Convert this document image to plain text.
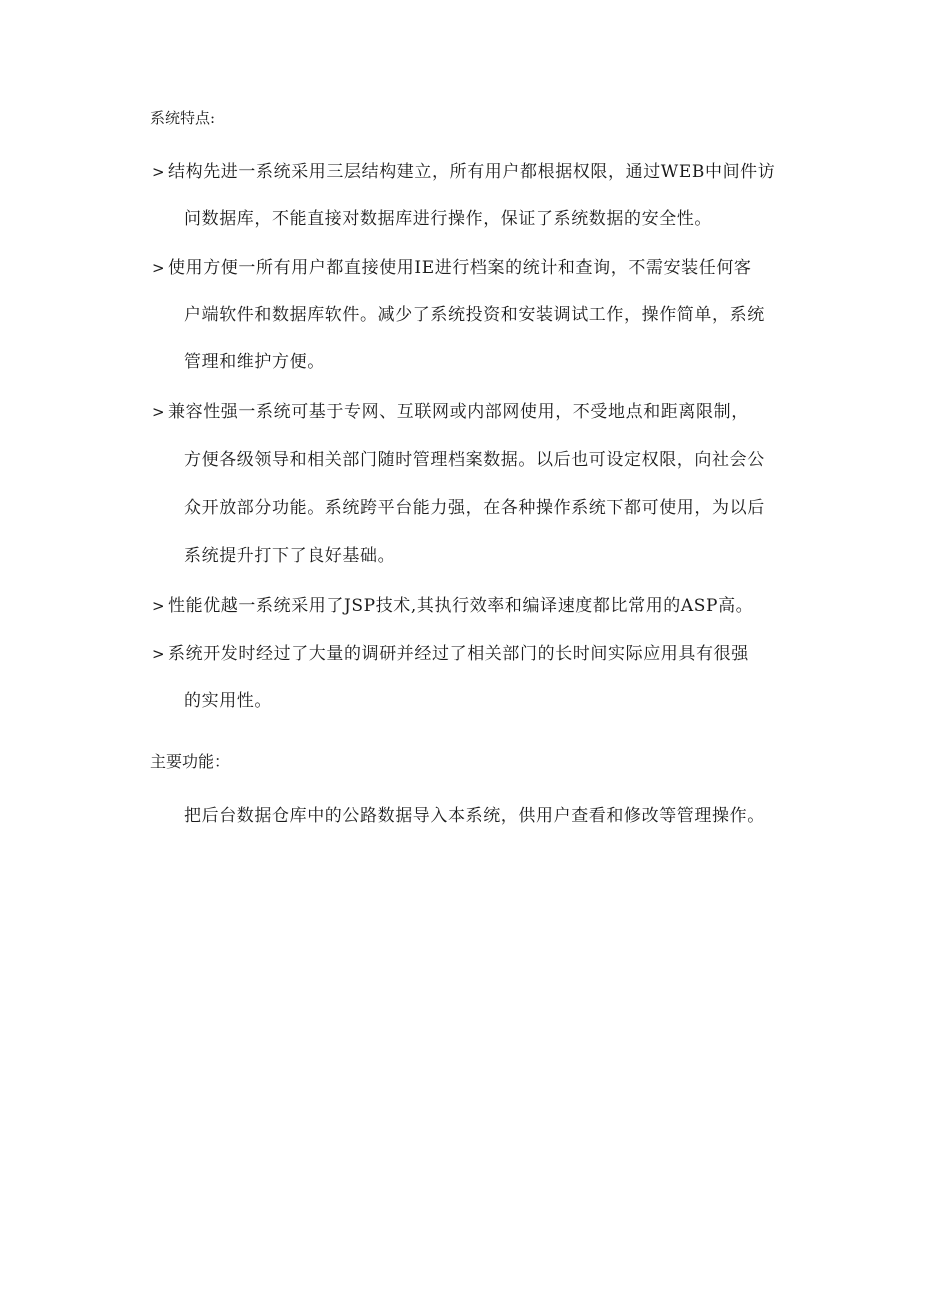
系统特点:
> 结构先进一系统采用三层结构建立，所有用户都根据权限，通过WEB中间件访
问数据库，不能直接对数据库进行操作，保证了系统数据的安全性。
> 使用方便一所有用户都直接使用IE进行档案的统计和查询，不需安装任何客
户端软件和数据库软件。减少了系统投资和安装调试工作，操作简单，系统
管理和维护方便。
> 兼容性强一系统可基于专网、互联网或内部网使用，不受地点和距离限制，
方便各级领导和相关部门随时管理档案数据。以后也可设定权限，向社会公
众开放部分功能。系统跨平台能力强，在各种操作系统下都可使用，为以后
系统提升打下了良好基础。
> 性能优越一系统采用了JSP技术,其执行效率和编译速度都比常用的ASP高。
> 系统开发时经过了大量的调研并经过了相关部门的长时间实际应用具有很强
的实用性。
主要功能：
把后台数据仓库中的公路数据导入本系统，供用户查看和修改等管理操作。
